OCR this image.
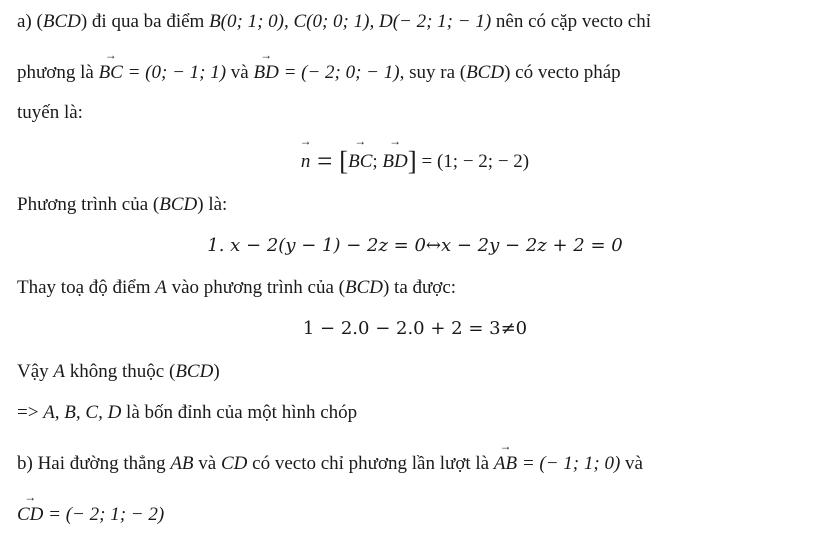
a) (BCD) đi qua ba điểm B(0; 1; 0), C(0; 0; 1), D(− 2; 1; − 1) nên có cặp vecto chỉ
phương là → BC = (0; − 1; 1) và → BD = (− 2; 0; − 1), suy ra (BCD) có vecto pháp
tuyến là:
→ n = [→ BC; → BD] = (1; − 2; − 2)
Phương trình của (BCD) là:
1. x − 2(y − 1) − 2z = 0↔x − 2y − 2z + 2 = 0
Thay toạ độ điểm A vào phương trình của (BCD) ta được:
1 − 2.0 − 2.0 + 2 = 3≠0
Vậy A không thuộc (BCD)
=> A, B, C, D là bốn đỉnh của một hình chóp
b) Hai đường thẳng AB và CD có vecto chỉ phương lần lượt là → AB = (− 1; 1; 0) và
→ CD = (− 2; 1; − 2)
